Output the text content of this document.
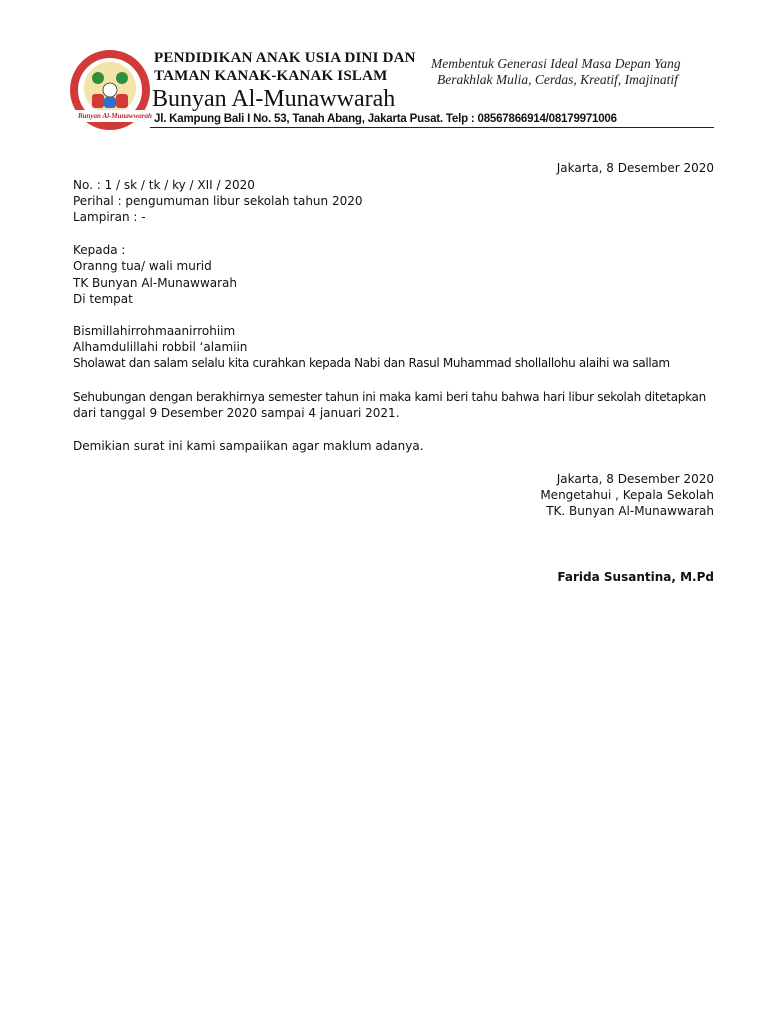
Bunyan Al-Munawwarah
PENDIDIKAN ANAK USIA DINI DAN
TAMAN KANAK-KANAK ISLAM
Bunyan Al-Munawwarah
Membentuk Generasi Ideal Masa Depan Yang
Berakhlak Mulia, Cerdas, Kreatif, Imajinatif
Jl. Kampung Bali I No. 53, Tanah Abang, Jakarta Pusat. Telp : 08567866914/08179971006
Jakarta, 8 Desember 2020
No. : 1 / sk / tk / ky / XII / 2020
Perihal : pengumuman libur sekolah tahun 2020
Lampiran : -
Kepada :
Oranng tua/ wali murid
TK Bunyan Al-Munawwarah
Di tempat
Bismillahirrohmaanirrohiim
Alhamdulillahi robbil ‘alamiin
Sholawat dan salam selalu kita curahkan kepada Nabi dan Rasul Muhammad shollallohu alaihi wa sallam
Sehubungan dengan berakhirnya semester tahun ini maka kami beri tahu bahwa hari libur sekolah ditetapkan
dari tanggal 9 Desember 2020 sampai 4 januari 2021.
Demikian surat ini kami sampaiikan agar maklum adanya.
Jakarta, 8 Desember 2020
Mengetahui , Kepala Sekolah
TK. Bunyan Al-Munawwarah
Farida Susantina, M.Pd
